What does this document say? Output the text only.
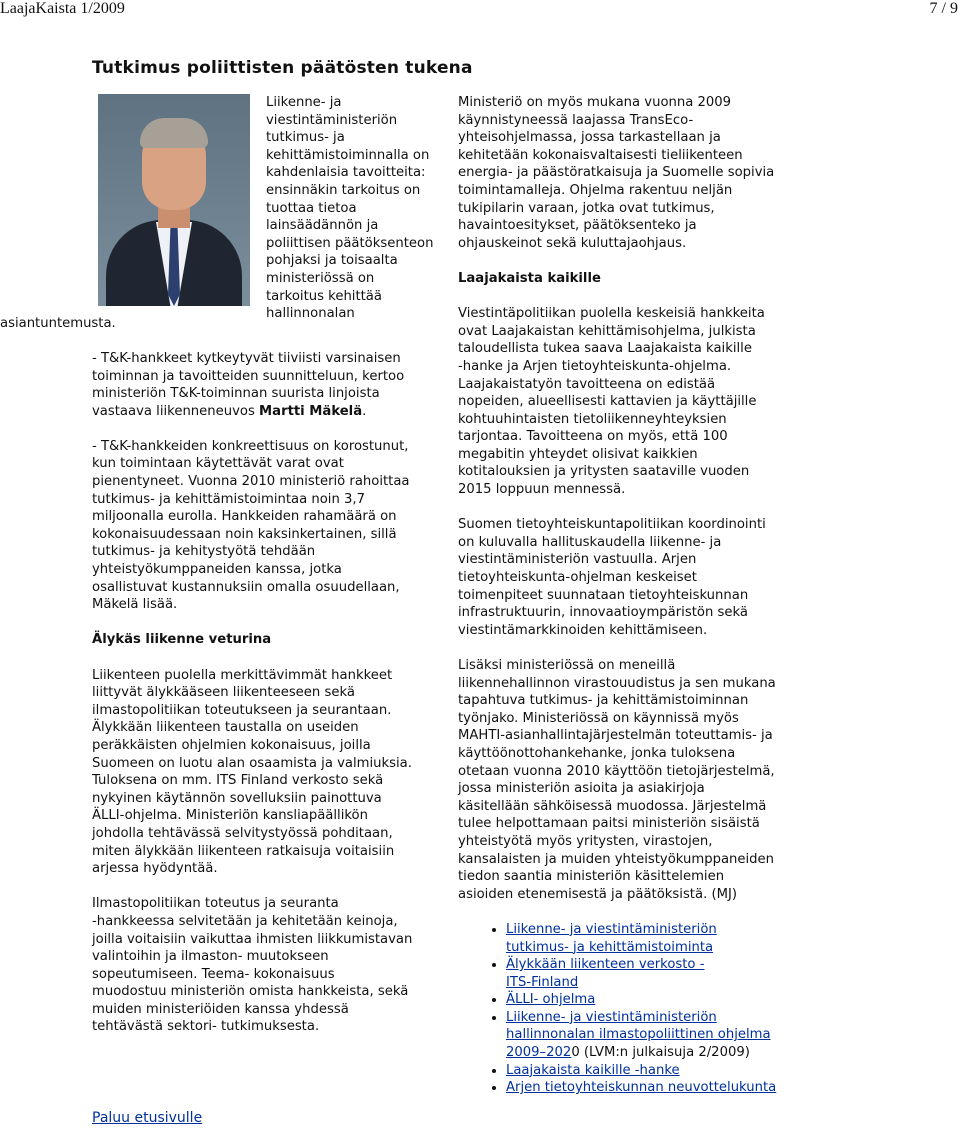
LaajaKaista 1/2009	7 / 9
Tutkimus poliittisten päätösten tukena
Liikenne- ja
viestintäministeriön
tutkimus- ja
kehittämistoiminnalla on
kahdenlaisia tavoitteita:
ensinnäkin tarkoitus on
tuottaa tietoa
lainsäädännön ja
poliittisen päätöksenteon
pohjaksi ja toisaalta
ministeriössä on
tarkoitus kehittää
hallinnonalan

asiantuntemusta.

- T&K-hankkeet kytkeytyvät tiiviisti varsinaisen
toiminnan ja tavoitteiden suunnitteluun, kertoo
ministeriön T&K-toiminnan suurista linjoista
vastaava liikenneneuvos Martti Mäkelä.

- T&K-hankkeiden konkreettisuus on korostunut,
kun toimintaan käytettävät varat ovat
pienentyneet. Vuonna 2010 ministeriö rahoittaa
tutkimus- ja kehittämistoimintaa noin 3,7
miljoonalla eurolla. Hankkeiden rahamäärä on
kokonaisuudessaan noin kaksinkertainen, sillä
tutkimus- ja kehitystyötä tehdään
yhteistyökumppaneiden kanssa, jotka
osallistuvat kustannuksiin omalla osuudellaan,
Mäkelä lisää.

Älykäs liikenne veturina

Liikenteen puolella merkittävimmät hankkeet
liittyvät älykkääseen liikenteeseen sekä
ilmastopolitiikan toteutukseen ja seurantaan.
Älykkään liikenteen taustalla on useiden
peräkkäisten ohjelmien kokonaisuus, joilla
Suomeen on luotu alan osaamista ja valmiuksia.
Tuloksena on mm. ITS Finland verkosto sekä
nykyinen käytännön sovelluksiin painottuva
ÄLLI-ohjelma. Ministeriön kansliapäällikön
johdolla tehtävässä selvitystyössä pohditaan,
miten älykkään liikenteen ratkaisuja voitaisiin
arjessa hyödyntää.

Ilmastopolitiikan toteutus ja seuranta
-hankkeessa selvitetään ja kehitetään keinoja,
joilla voitaisiin vaikuttaa ihmisten liikkumistavan
valintoihin ja ilmaston- muutokseen
sopeutumiseen. Teema- kokonaisuus
muodostuu ministeriön omista hankkeista, sekä
muiden ministeriöiden kanssa yhdessä
tehtävästä sektori- tutkimuksesta.

Ministeriö on myös mukana vuonna 2009
käynnistyneessä laajassa TransEco-
yhteisohjelmassa, jossa tarkastellaan ja
kehitetään kokonaisvaltaisesti tieliikenteen
energia- ja päästöratkaisuja ja Suomelle sopivia
toimintamalleja. Ohjelma rakentuu neljän
tukipilarin varaan, jotka ovat tutkimus,
havaintoesitykset, päätöksenteko ja
ohjauskeinot sekä kuluttajaohjaus.

Laajakaista kaikille

Viestintäpolitiikan puolella keskeisiä hankkeita
ovat Laajakaistan kehittämisohjelma, julkista
taloudellista tukea saava Laajakaista kaikille
-hanke ja Arjen tietoyhteiskunta-ohjelma.
Laajakaistatyön tavoitteena on edistää
nopeiden, alueellisesti kattavien ja käyttäjille
kohtuuhintaisten tietoliikenneyhteyksien
tarjontaa. Tavoitteena on myös, että 100
megabitin yhteydet olisivat kaikkien
kotitalouksien ja yritysten saataville vuoden
2015 loppuun mennessä.

Suomen tietoyhteiskuntapolitiikan koordinointi
on kuluvalla hallituskaudella liikenne- ja
viestintäministeriön vastuulla. Arjen
tietoyhteiskunta-ohjelman keskeiset
toimenpiteet suunnataan tietoyhteiskunnan
infrastruktuurin, innovaatioympäristön sekä
viestintämarkkinoiden kehittämiseen.

Lisäksi ministeriössä on meneillä
liikennehallinnon virastouudistus ja sen mukana
tapahtuva tutkimus- ja kehittämistoiminnan
työnjako. Ministeriössä on käynnissä myös
MAHTI-asianhallintajärjestelmän toteuttamis- ja
käyttöönottohankehanke, jonka tuloksena
otetaan vuonna 2010 käyttöön tietojärjestelmä,
jossa ministeriön asioita ja asiakirjoja
käsitellään sähköisessä muodossa. Järjestelmä
tulee helpottamaan paitsi ministeriön sisäistä
yhteistyötä myös yritysten, virastojen,
kansalaisten ja muiden yhteistyökumppaneiden
tiedon saantia ministeriön käsittelemien
asioiden etenemisestä ja päätöksistä. (MJ)

• Liikenne- ja viestintäministeriön
tutkimus- ja kehittämistoiminta
• Älykkään liikenteen verkosto -
ITS-Finland
• ÄLLI- ohjelma
• Liikenne- ja viestintäministeriön
hallinnonalan ilmastopoliittinen ohjelma
2009–2020 (LVM:n julkaisuja 2/2009)
• Laajakaista kaikille -hanke
• Arjen tietoyhteiskunnan neuvottelukunta
Paluu etusivulle
